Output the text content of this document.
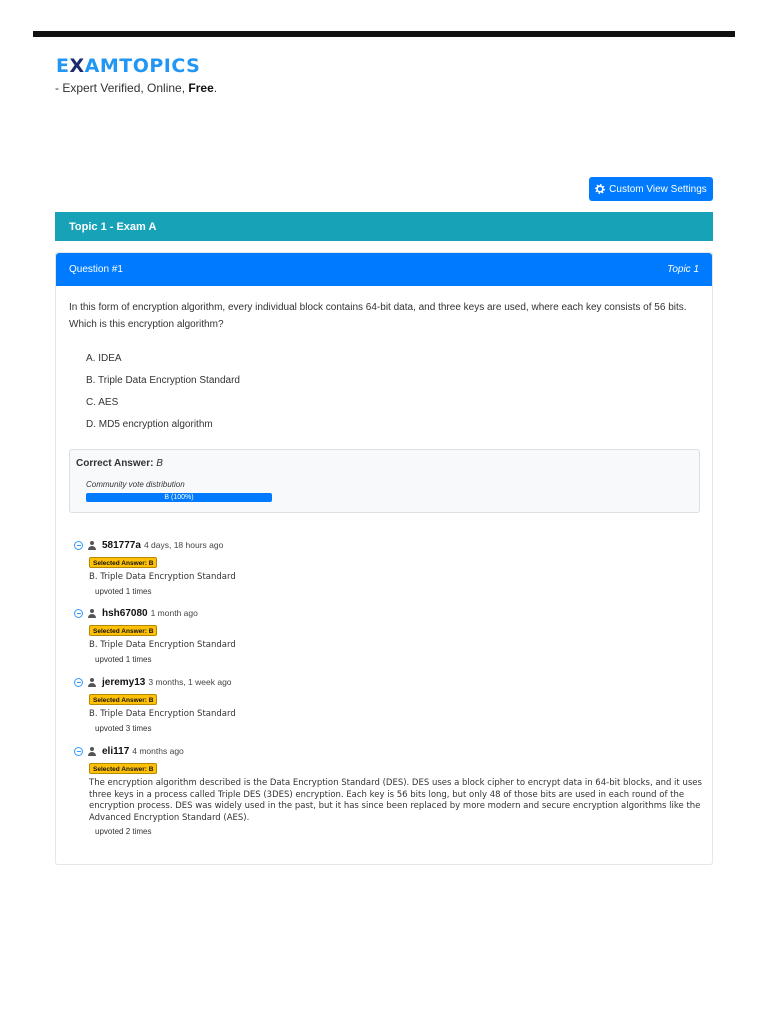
EXAMTOPICS
- Expert Verified, Online, Free.
Custom View Settings
Topic 1 - Exam A
Question #1	Topic 1
In this form of encryption algorithm, every individual block contains 64-bit data, and three keys are used, where each key consists of 56 bits.
Which is this encryption algorithm?
A. IDEA
B. Triple Data Encryption Standard
C. AES
D. MD5 encryption algorithm
Correct Answer: B
Community vote distribution
B (100%)
581777a 4 days, 18 hours ago
Selected Answer: B
B. Triple Data Encryption Standard
upvoted 1 times
hsh67080 1 month ago
Selected Answer: B
B. Triple Data Encryption Standard
upvoted 1 times
jeremy13 3 months, 1 week ago
Selected Answer: B
B. Triple Data Encryption Standard
upvoted 3 times
eli117 4 months ago
Selected Answer: B
The encryption algorithm described is the Data Encryption Standard (DES). DES uses a block cipher to encrypt data in 64-bit blocks, and it uses three keys in a process called Triple DES (3DES) encryption. Each key is 56 bits long, but only 48 of those bits are used in each round of the encryption process. DES was widely used in the past, but it has since been replaced by more modern and secure encryption algorithms like the Advanced Encryption Standard (AES).
upvoted 2 times
